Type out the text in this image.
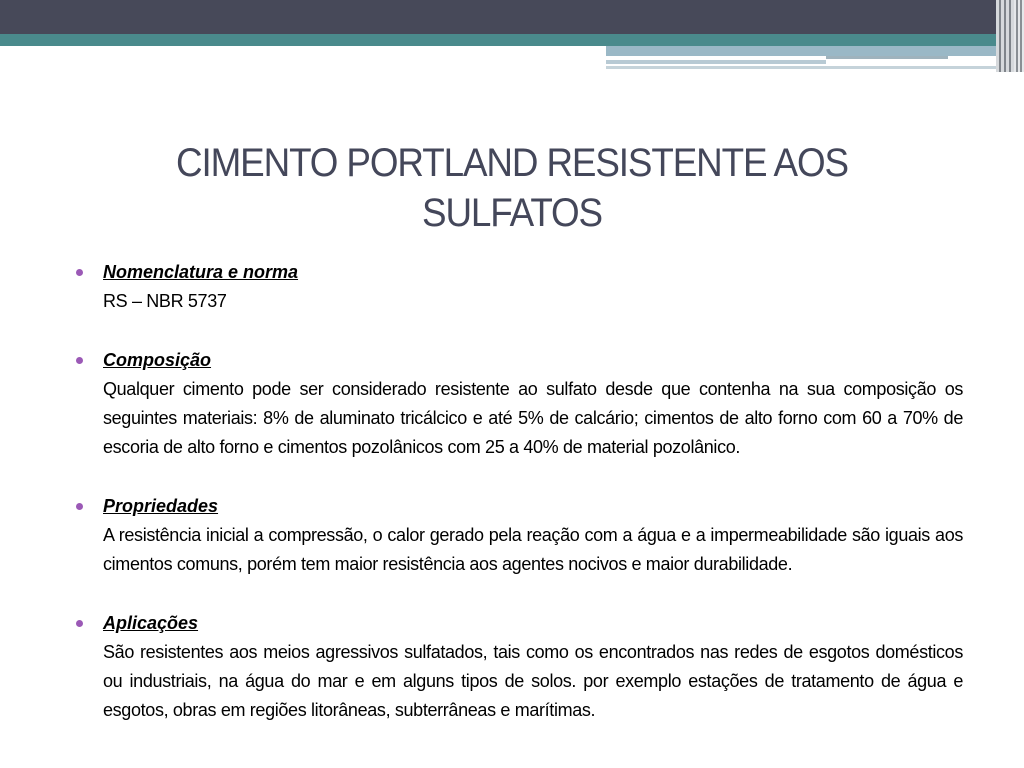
CIMENTO PORTLAND RESISTENTE AOS SULFATOS
Nomenclatura e norma
RS – NBR 5737
Composição
Qualquer cimento pode ser considerado resistente ao sulfato desde que contenha na sua composição os seguintes materiais: 8% de aluminato tricálcico e até 5% de calcário; cimentos de alto forno com 60 a 70% de escoria de alto forno e cimentos pozolânicos com 25 a 40% de material pozolânico.
Propriedades
A resistência inicial a compressão, o calor gerado pela reação com a água e a impermeabilidade são iguais aos cimentos comuns, porém tem maior resistência aos agentes nocivos e maior durabilidade.
Aplicações
São resistentes aos meios agressivos sulfatados, tais como os encontrados nas redes de esgotos domésticos ou industriais, na água do mar e em alguns tipos de solos. por exemplo estações de tratamento de água e esgotos, obras em regiões litorâneas, subterrâneas e marítimas.
